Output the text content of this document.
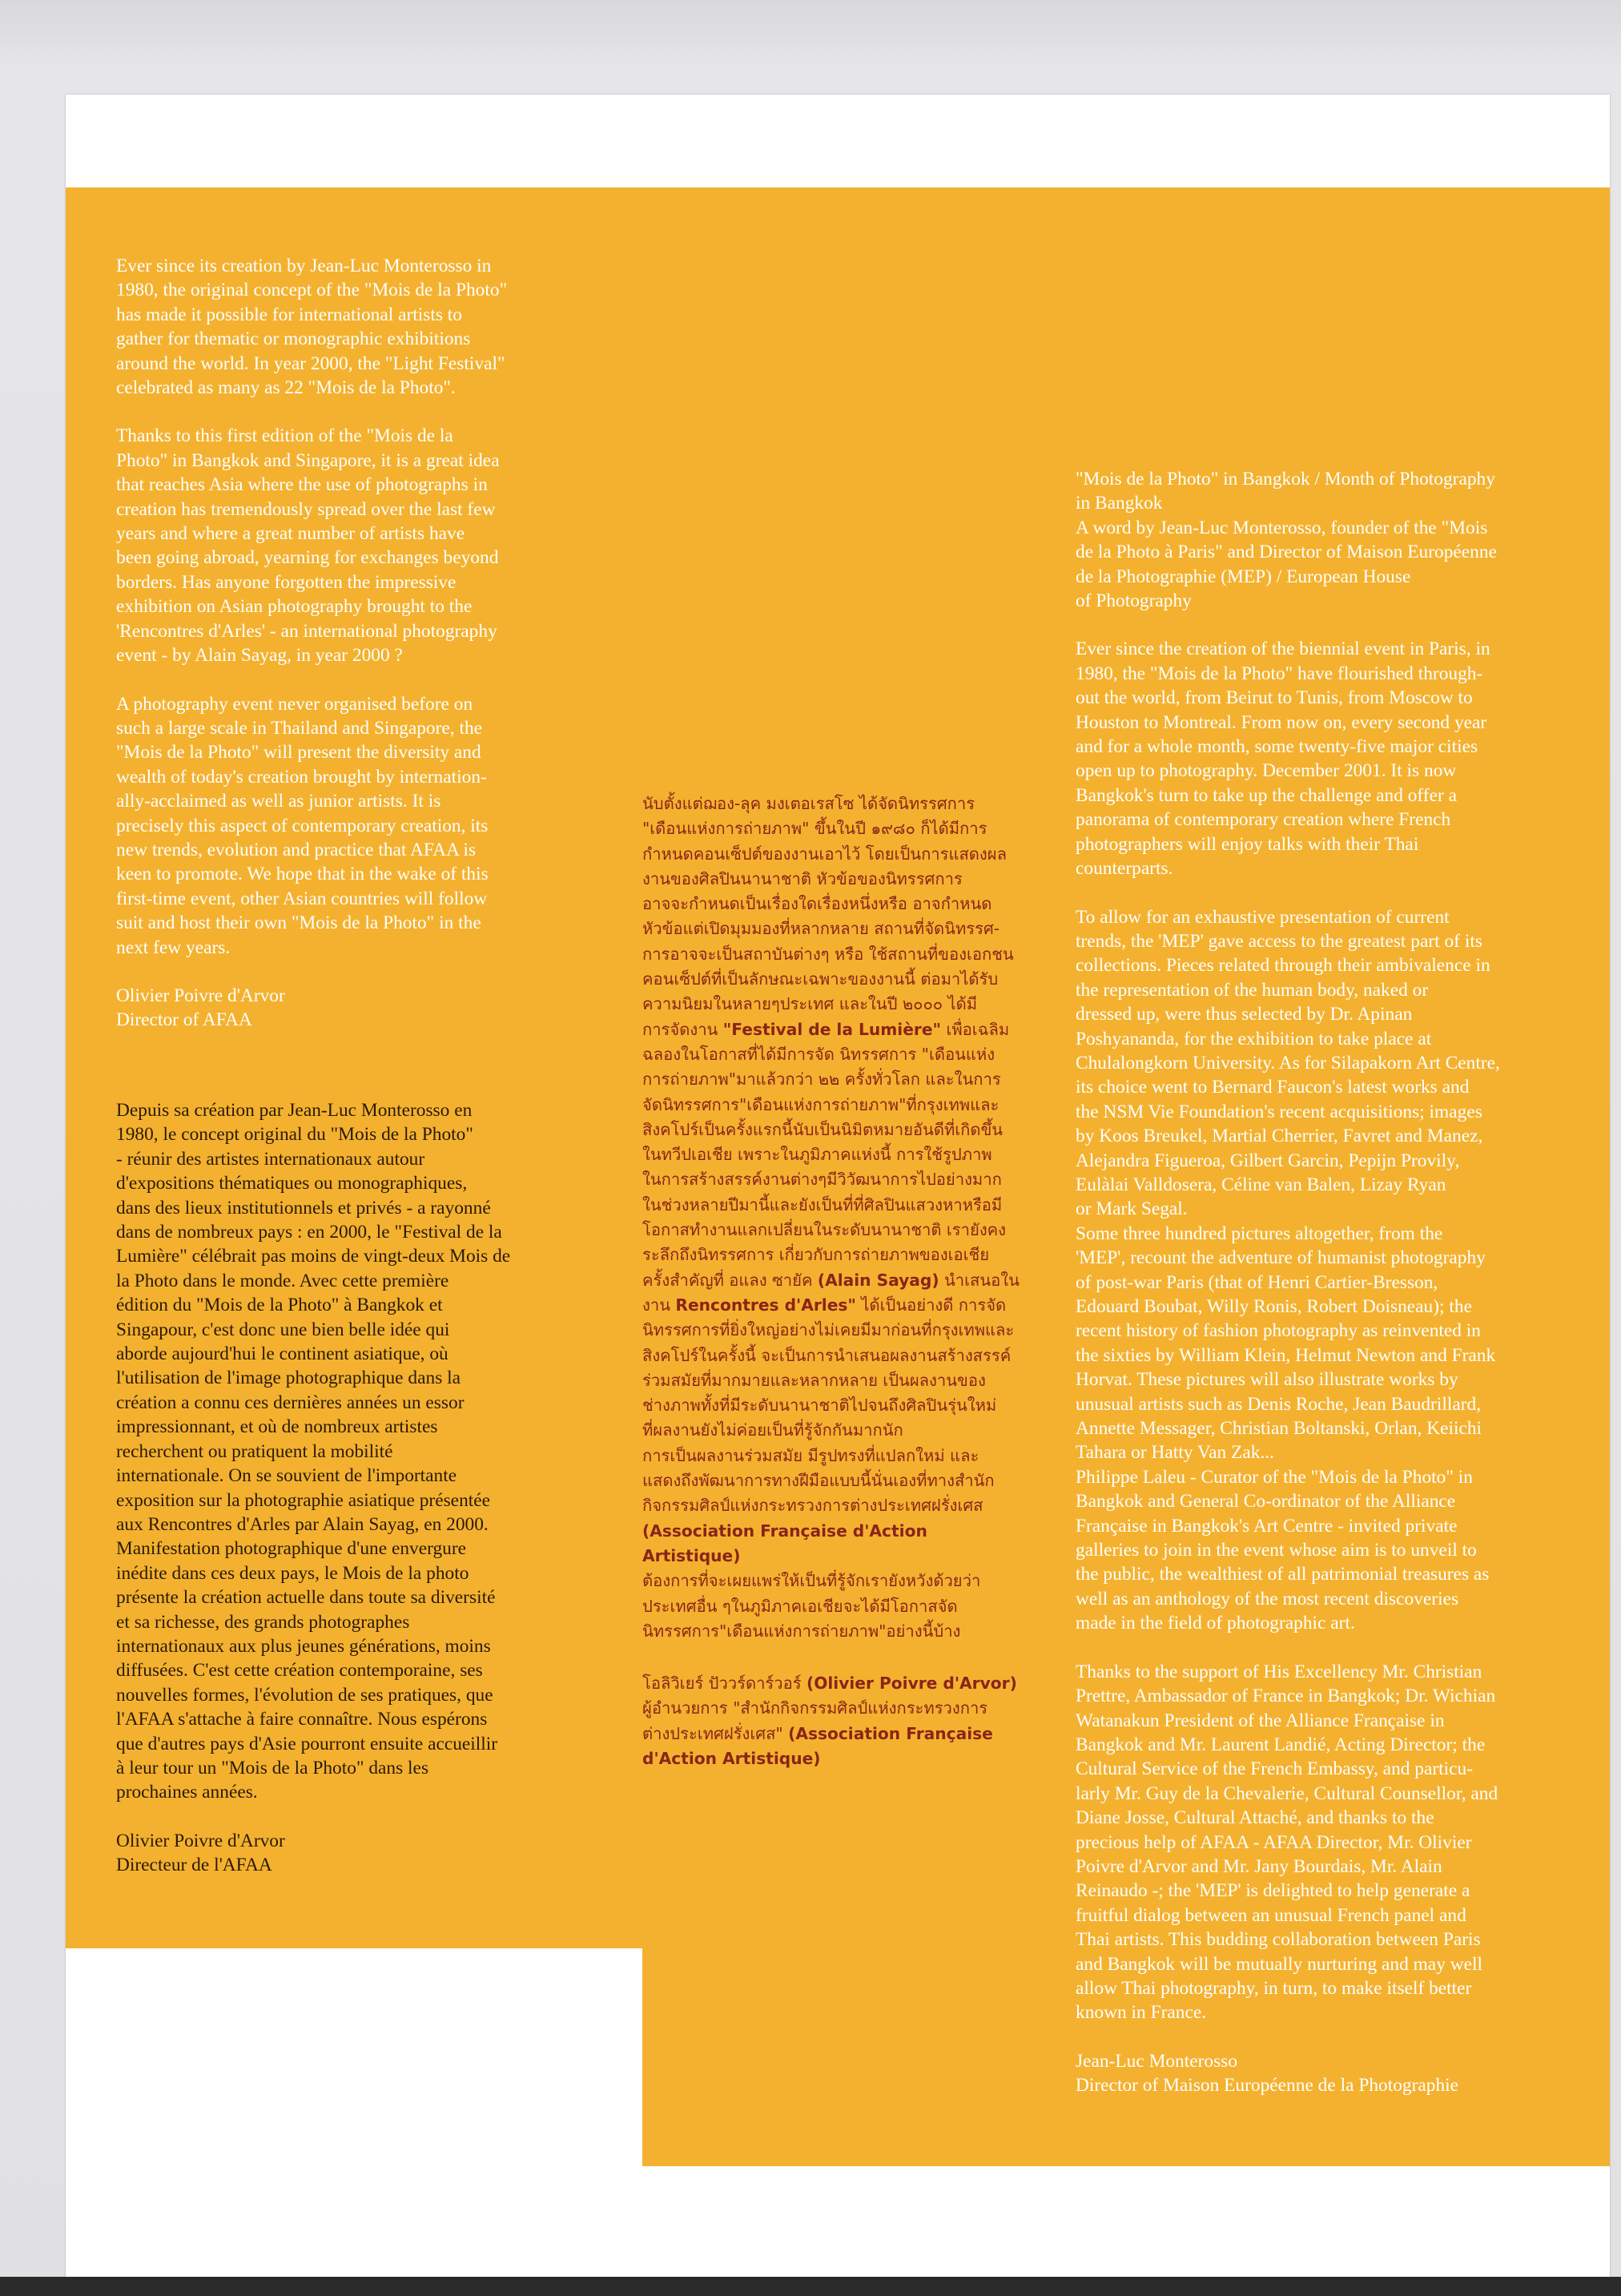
Ever since its creation by Jean-Luc Monterosso in
1980, the original concept of the "Mois de la Photo"
has made it possible for international artists to
gather for thematic or monographic exhibitions
around the world. In year 2000, the "Light Festival"
celebrated as many as 22 "Mois de la Photo".

Thanks to this first edition of the "Mois de la
Photo" in Bangkok and Singapore, it is a great idea
that reaches Asia where the use of photographs in
creation has tremendously spread over the last few
years and where a great number of artists have
been going abroad, yearning for exchanges beyond
borders. Has anyone forgotten the impressive
exhibition on Asian photography brought to the
'Rencontres d'Arles' - an international photography
event - by Alain Sayag, in year 2000 ?

A photography event never organised before on
such a large scale in Thailand and Singapore, the
"Mois de la Photo" will present the diversity and
wealth of today's creation brought by internation-
ally-acclaimed as well as junior artists. It is
precisely this aspect of contemporary creation, its
new trends, evolution and practice that AFAA is
keen to promote. We hope that in the wake of this
first-time event, other Asian countries will follow
suit and host their own "Mois de la Photo" in the
next few years.

Olivier Poivre d'Arvor
Director of AFAA

Depuis sa création par Jean-Luc Monterosso en
1980, le concept original du "Mois de la Photo"
- réunir des artistes internationaux autour
d'expositions thématiques ou monographiques,
dans des lieux institutionnels et privés - a rayonné
dans de nombreux pays : en 2000, le "Festival de la
Lumière" célébrait pas moins de vingt-deux Mois de
la Photo dans le monde. Avec cette première
édition du "Mois de la Photo" à Bangkok et
Singapour, c'est donc une bien belle idée qui
aborde aujourd'hui le continent asiatique, où
l'utilisation de l'image photographique dans la
création a connu ces dernières années un essor
impressionnant, et où de nombreux artistes
recherchent ou pratiquent la mobilité
internationale. On se souvient de l'importante
exposition sur la photographie asiatique présentée
aux Rencontres d'Arles par Alain Sayag, en 2000.
Manifestation photographique d'une envergure
inédite dans ces deux pays, le Mois de la photo
présente la création actuelle dans toute sa diversité
et sa richesse, des grands photographes
internationaux aux plus jeunes générations, moins
diffusées. C'est cette création contemporaine, ses
nouvelles formes, l'évolution de ses pratiques, que
l'AFAA s'attache à faire connaître. Nous espérons
que d'autres pays d'Asie pourront ensuite accueillir
à leur tour un "Mois de la Photo" dans les
prochaines années.

Olivier Poivre d'Arvor
Directeur de l'AFAA

นับตั้งแต่ฌอง-ลุค มงเตอเรสโซ ได้จัดนิทรรศการ
"เดือนแห่งการถ่ายภาพ" ขึ้นในปี ๑๙๘๐ ก็ได้มีการ
กำหนดคอนเซ็ปต์ของงานเอาไว้ โดยเป็นการแสดงผล
งานของศิลปินนานาชาติ หัวข้อของนิทรรศการ
อาจจะกำหนดเป็นเรื่องใดเรื่องหนึ่งหรือ อาจกำหนด
หัวข้อแต่เปิดมุมมองที่หลากหลาย สถานที่จัดนิทรรศ-
การอาจจะเป็นสถาบันต่างๆ หรือ ใช้สถานที่ของเอกชน
คอนเซ็ปต์ที่เป็นลักษณะเฉพาะของงานนี้ ต่อมาได้รับ
ความนิยมในหลายๆประเทศ และในปี ๒๐๐๐ ได้มี
การจัดงาน "Festival de la Lumière" เพื่อเฉลิม
ฉลองในโอกาสที่ได้มีการจัด นิทรรศการ "เดือนแห่ง
การถ่ายภาพ"มาแล้วกว่า ๒๒ ครั้งทั่วโลก และในการ
จัดนิทรรศการ"เดือนแห่งการถ่ายภาพ"ที่กรุงเทพและ
สิงคโปร์เป็นครั้งแรกนี้นับเป็นนิมิตหมายอันดีที่เกิดขึ้น
ในทวีปเอเชีย เพราะในภูมิภาคแห่งนี้ การใช้รูปภาพ
ในการสร้างสรรค์งานต่างๆมีวิวัฒนาการไปอย่างมาก
ในช่วงหลายปีมานี้และยังเป็นที่ที่ศิลปินแสวงหาหรือมี
โอกาสทำงานแลกเปลี่ยนในระดับนานาชาติ เรายังคง
ระลึกถึงนิทรรศการ เกี่ยวกับการถ่ายภาพของเอเชีย
ครั้งสำคัญที่ อแลง ซายัค (Alain Sayag) นำเสนอใน
งาน Rencontres d'Arles" ได้เป็นอย่างดี การจัด
นิทรรศการที่ยิ่งใหญ่อย่างไม่เคยมีมาก่อนที่กรุงเทพและ
สิงคโปร์ในครั้งนี้ จะเป็นการนำเสนอผลงานสร้างสรรค์
ร่วมสมัยที่มากมายและหลากหลาย เป็นผลงานของ
ช่างภาพทั้งที่มีระดับนานาชาติไปจนถึงศิลปินรุ่นใหม่
ที่ผลงานยังไม่ค่อยเป็นที่รู้จักกันมากนัก
การเป็นผลงานร่วมสมัย มีรูปทรงที่แปลกใหม่ และ
แสดงถึงพัฒนาการทางฝีมือแบบนี้นั่นเองที่ทางสำนัก
กิจกรรมศิลป์แห่งกระทรวงการต่างประเทศฝรั่งเศส
(Association Française d'Action Artistique)
ต้องการที่จะเผยแพร่ให้เป็นที่รู้จักเรายังหวังด้วยว่า
ประเทศอื่น ๆในภูมิภาคเอเชียจะได้มีโอกาสจัด
นิทรรศการ"เดือนแห่งการถ่ายภาพ"อย่างนี้บ้าง

โอลิวิเยร์ ปัววร์ดาร์วอร์ (Olivier Poivre d'Arvor)
ผู้อำนวยการ "สำนักกิจกรรมศิลป์แห่งกระทรวงการ
ต่างประเทศฝรั่งเศส" (Association Française
d'Action Artistique)

"Mois de la Photo" in Bangkok / Month of Photography
in Bangkok
A word by Jean-Luc Monterosso, founder of the "Mois
de la Photo à Paris" and Director of Maison Européenne
de la Photographie (MEP) / European House
of Photography

Ever since the creation of the biennial event in Paris, in
1980, the "Mois de la Photo" have flourished through-
out the world, from Beirut to Tunis, from Moscow to
Houston to Montreal. From now on, every second year
and for a whole month, some twenty-five major cities
open up to photography. December 2001. It is now
Bangkok's turn to take up the challenge and offer a
panorama of contemporary creation where French
photographers will enjoy talks with their Thai
counterparts.

To allow for an exhaustive presentation of current
trends, the 'MEP' gave access to the greatest part of its
collections. Pieces related through their ambivalence in
the representation of the human body, naked or
dressed up, were thus selected by Dr. Apinan
Poshyananda, for the exhibition to take place at
Chulalongkorn University. As for Silapakorn Art Centre,
its choice went to Bernard Faucon's latest works and
the NSM Vie Foundation's recent acquisitions; images
by Koos Breukel, Martial Cherrier, Favret and Manez,
Alejandra Figueroa, Gilbert Garcin, Pepijn Provily,
Eulàlai Valldosera, Céline van Balen, Lizay Ryan
or Mark Segal.
Some three hundred pictures altogether, from the
'MEP', recount the adventure of humanist photography
of post-war Paris (that of Henri Cartier-Bresson,
Edouard Boubat, Willy Ronis, Robert Doisneau); the
recent history of fashion photography as reinvented in
the sixties by William Klein, Helmut Newton and Frank
Horvat. These pictures will also illustrate works by
unusual artists such as Denis Roche, Jean Baudrillard,
Annette Messager, Christian Boltanski, Orlan, Keiichi
Tahara or Hatty Van Zak...
Philippe Laleu - Curator of the "Mois de la Photo" in
Bangkok and General Co-ordinator of the Alliance
Française in Bangkok's Art Centre - invited private
galleries to join in the event whose aim is to unveil to
the public, the wealthiest of all patrimonial treasures as
well as an anthology of the most recent discoveries
made in the field of photographic art.

Thanks to the support of His Excellency Mr. Christian
Prettre, Ambassador of France in Bangkok; Dr. Wichian
Watanakun President of the Alliance Française in
Bangkok and Mr. Laurent Landié, Acting Director; the
Cultural Service of the French Embassy, and particu-
larly Mr. Guy de la Chevalerie, Cultural Counsellor, and
Diane Josse, Cultural Attaché, and thanks to the
precious help of AFAA - AFAA Director, Mr. Olivier
Poivre d'Arvor and Mr. Jany Bourdais, Mr. Alain
Reinaudo -; the 'MEP' is delighted to help generate a
fruitful dialog between an unusual French panel and
Thai artists. This budding collaboration between Paris
and Bangkok will be mutually nurturing and may well
allow Thai photography, in turn, to make itself better
known in France.

Jean-Luc Monterosso
Director of Maison Européenne de la Photographie
